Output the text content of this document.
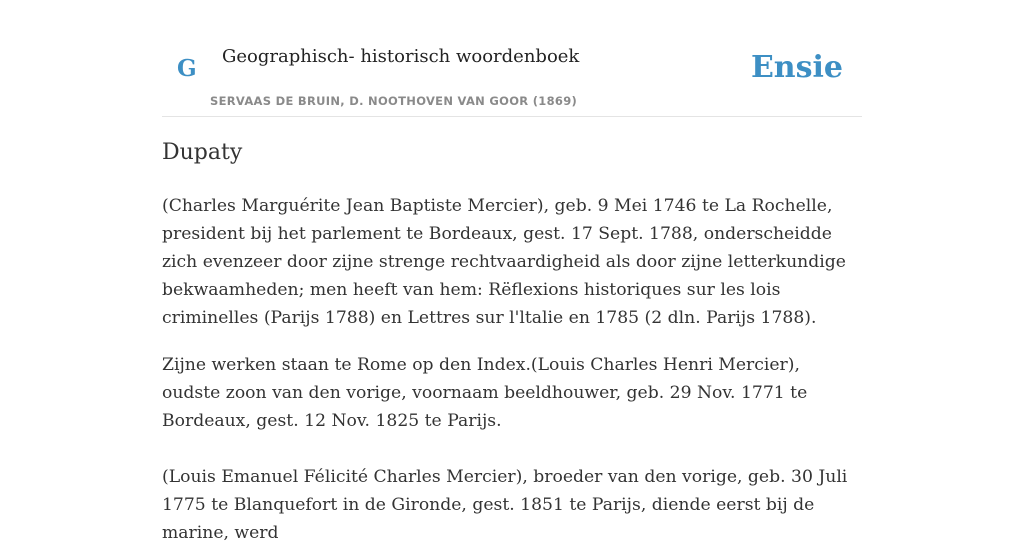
G Geographisch- historisch woordenboek
SERVAAS DE BRUIN, D. NOOTHOVEN VAN GOOR (1869)
Ensie
Dupaty

(Charles Marguérite Jean Baptiste Mercier), geb. 9 Mei 1746 te La Rochelle, president bij het parlement te Bordeaux, gest. 17 Sept. 1788, onderscheidde zich evenzeer door zijne strenge rechtvaardigheid als door zijne letterkundige bekwaamheden; men heeft van hem: Rëflexions historiques sur les lois criminelles (Parijs 1788) en Lettres sur l'ltalie en 1785 (2 dln. Parijs 1788).

Zijne werken staan te Rome op den Index.(Louis Charles Henri Mercier), oudste zoon van den vorige, voornaam beeldhouwer, geb. 29 Nov. 1771 te Bordeaux, gest. 12 Nov. 1825 te Parijs.

(Louis Emanuel Félicité Charles Mercier), broeder van den vorige, geb. 30 Juli 1775 te Blanquefort in de Gironde, gest. 1851 te Parijs, diende eerst bij de marine, werd
